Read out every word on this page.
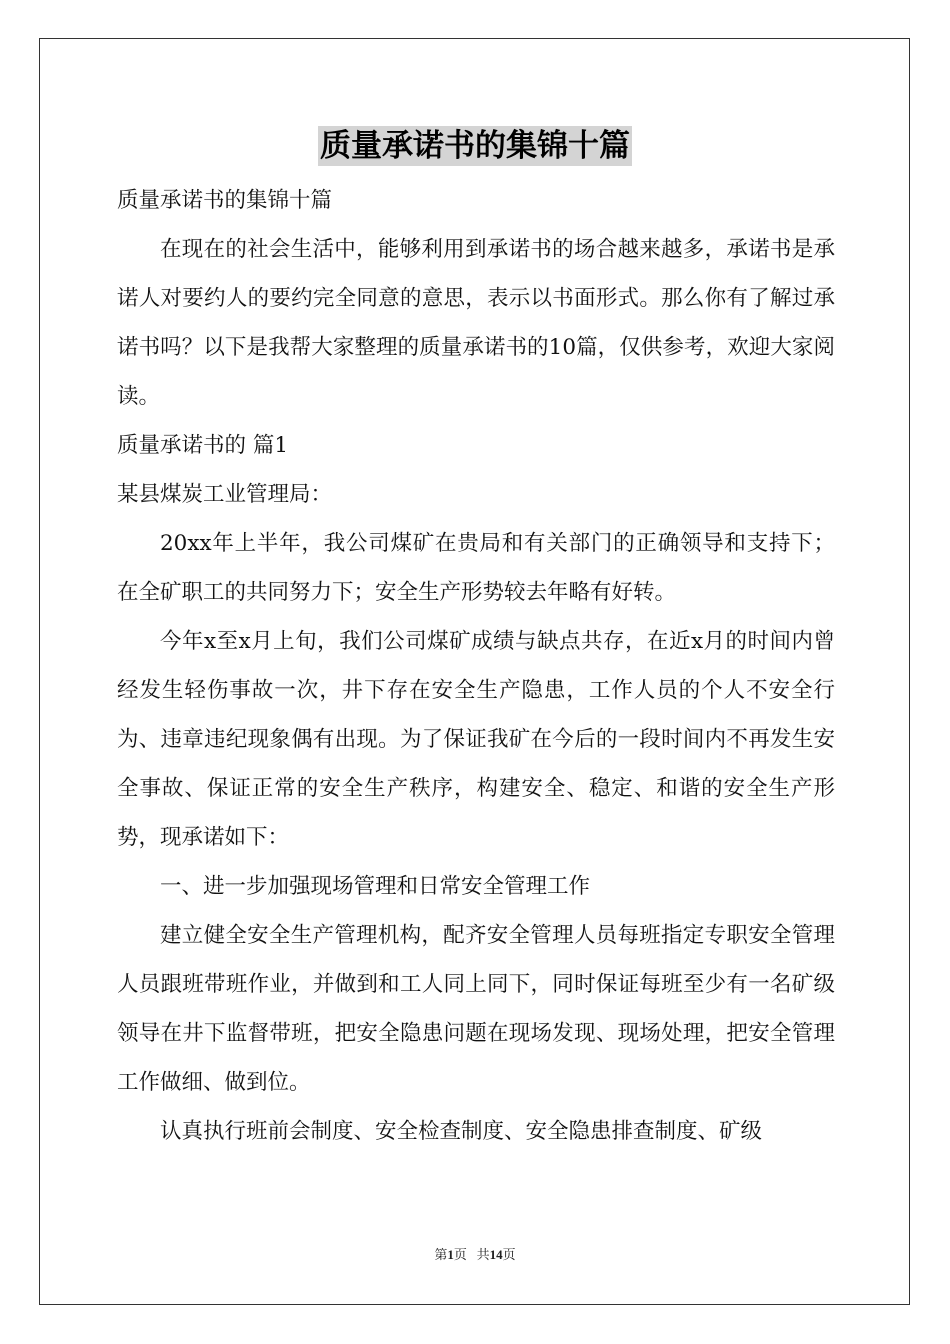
质量承诺书的集锦十篇

质量承诺书的集锦十篇

在现在的社会生活中，能够利用到承诺书的场合越来越多，承诺书是承诺人对要约人的要约完全同意的意思，表示以书面形式。那么你有了解过承诺书吗？以下是我帮大家整理的质量承诺书的10篇，仅供参考，欢迎大家阅读。

质量承诺书的 篇1

某县煤炭工业管理局：

20xx年上半年，我公司煤矿在贵局和有关部门的正确领导和支持下；在全矿职工的共同努力下；安全生产形势较去年略有好转。

今年x至x月上旬，我们公司煤矿成绩与缺点共存，在近x月的时间内曾经发生轻伤事故一次，井下存在安全生产隐患，工作人员的个人不安全行为、违章违纪现象偶有出现。为了保证我矿在今后的一段时间内不再发生安全事故、保证正常的安全生产秩序，构建安全、稳定、和谐的安全生产形势，现承诺如下：

一、进一步加强现场管理和日常安全管理工作

建立健全安全生产管理机构，配齐安全管理人员每班指定专职安全管理人员跟班带班作业，并做到和工人同上同下，同时保证每班至少有一名矿级领导在井下监督带班，把安全隐患问题在现场发现、现场处理，把安全管理工作做细、做到位。

认真执行班前会制度、安全检查制度、安全隐患排查制度、矿级

第1页 共14页
